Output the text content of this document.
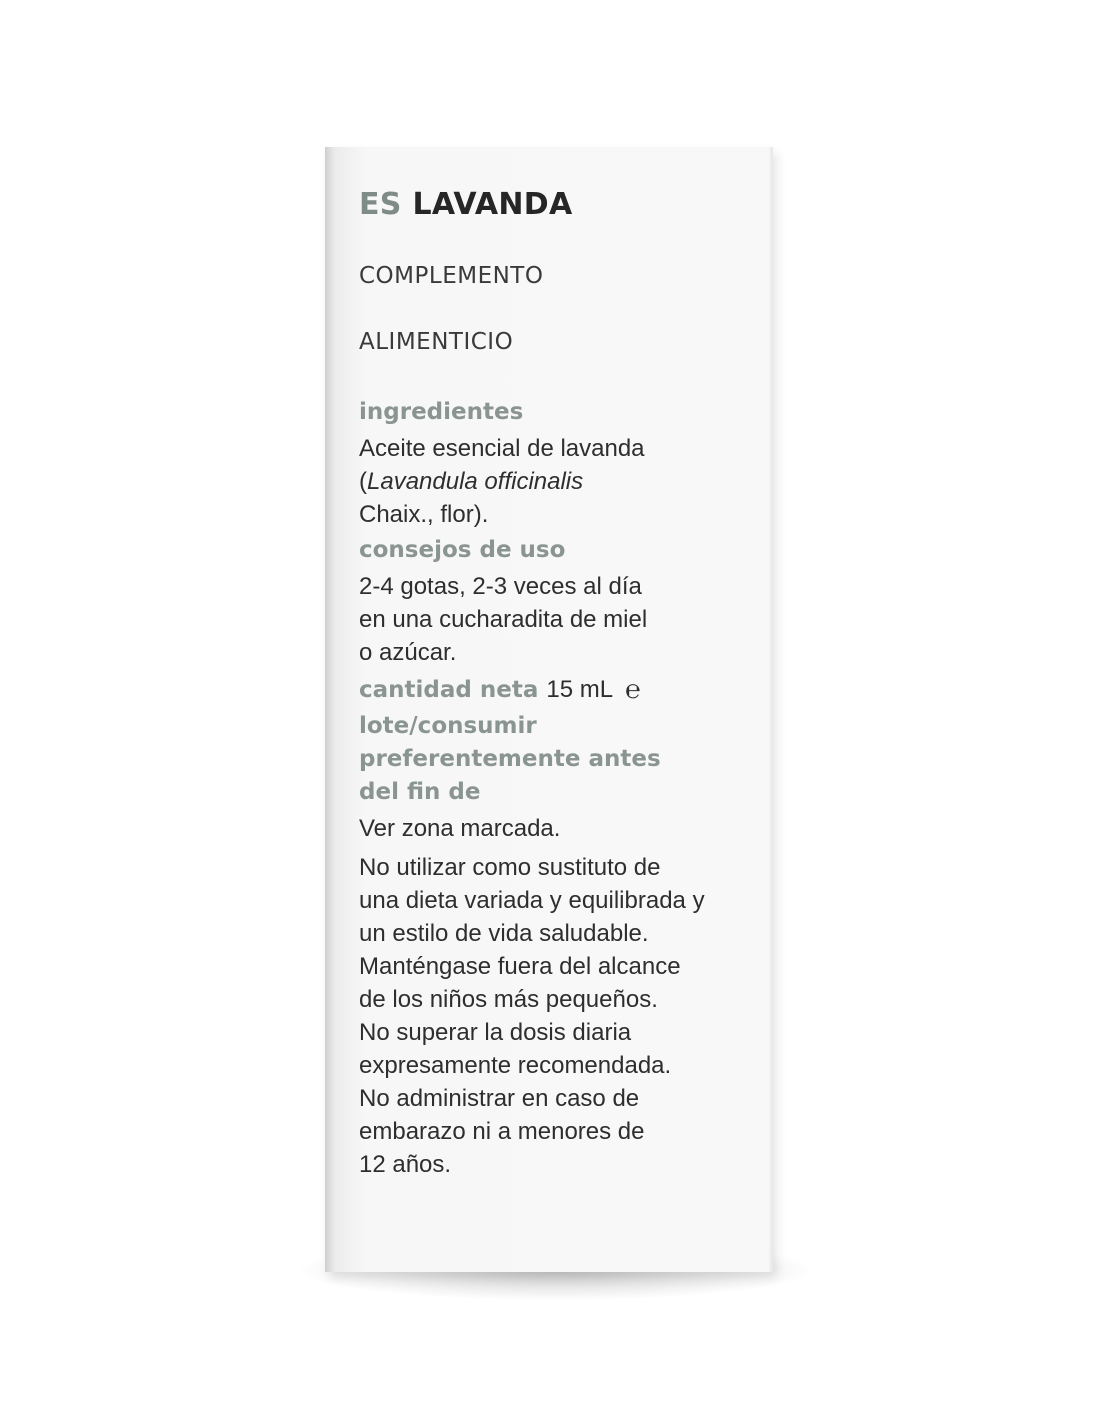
ES LAVANDA

COMPLEMENTO

ALIMENTICIO

ingredientes

Aceite esencial de lavanda

(Lavandula officinalis

Chaix., flor).

consejos de uso

2-4 gotas, 2-3 veces al día

en una cucharadita de miel

o azúcar.

cantidad neta 15 mL ℮
lote/consumir
preferentemente antes
del fin de

Ver zona marcada.

No utilizar como sustituto de

una dieta variada y equilibrada y

un estilo de vida saludable.

Manténgase fuera del alcance

de los niños más pequeños.

No superar la dosis diaria

expresamente recomendada.

No administrar en caso de

embarazo ni a menores de

12 años.
